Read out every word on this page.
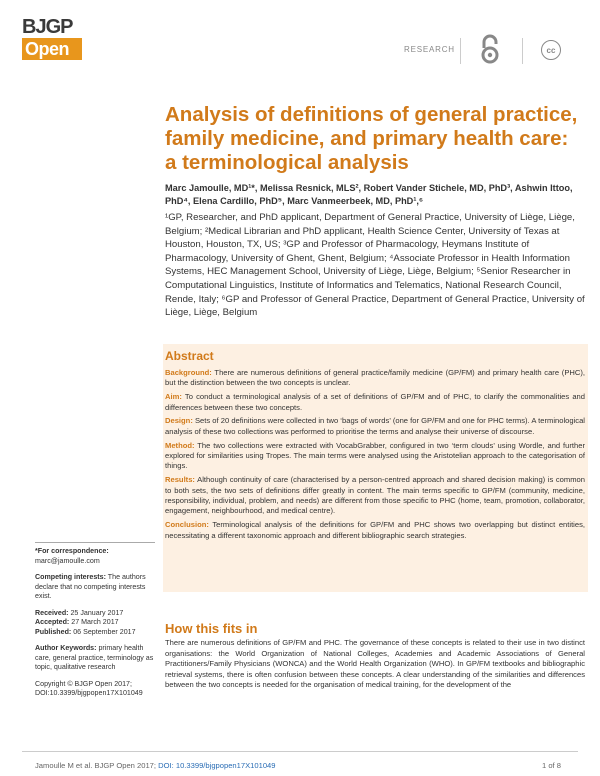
BJGP
Open	RESEARCH	cc
Analysis of definitions of general practice, family medicine, and primary health care: a terminological analysis
Marc Jamoulle, MD¹*, Melissa Resnick, MLS², Robert Vander Stichele, MD, PhD³, Ashwin Ittoo, PhD⁴, Elena Cardillo, PhD⁵, Marc Vanmeerbeek, MD, PhD¹,⁶
¹GP, Researcher, and PhD applicant, Department of General Practice, University of Liège, Liège, Belgium; ²Medical Librarian and PhD applicant, Health Science Center, University of Texas at Houston, Houston, TX, US; ³GP and Professor of Pharmacology, Heymans Institute of Pharmacology, University of Ghent, Ghent, Belgium; ⁴Associate Professor in Health Information Systems, HEC Management School, University of Liège, Liège, Belgium; ⁵Senior Researcher in Computational Linguistics, Institute of Informatics and Telematics, National Research Council, Rende, Italy; ⁶GP and Professor of General Practice, Department of General Practice, University of Liège, Liège, Belgium
Abstract

Background: There are numerous definitions of general practice/family medicine (GP/FM) and primary health care (PHC), but the distinction between the two concepts is unclear.

Aim: To conduct a terminological analysis of a set of definitions of GP/FM and of PHC, to clarify the commonalities and differences between these two concepts.

Design: Sets of 20 definitions were collected in two ‘bags of words’ (one for GP/FM and one for PHC terms). A terminological analysis of these two collections was performed to prioritise the terms and analyse their universe of discourse.

Method: The two collections were extracted with VocabGrabber, configured in two ‘term clouds’ using Wordle, and further explored for similarities using Tropes. The main terms were analysed using the Aristotelian approach to the categorisation of things.

Results: Although continuity of care (characterised by a person-centred approach and shared decision making) is common to both sets, the two sets of definitions differ greatly in content. The main terms specific to GP/FM (community, medicine, responsibility, individual, problem, and needs) are different from those specific to PHC (home, team, promotion, collaborator, engagement, neighbourhood, and medical centre).

Conclusion: Terminological analysis of the definitions for GP/FM and PHC shows two overlapping but distinct entities, necessitating a different taxonomic approach and different bibliographic search strategies.

*For correspondence: marc@jamoulle.com

Competing interests: The authors declare that no competing interests exist.

Received: 25 January 2017
Accepted: 27 March 2017
Published: 06 September 2017

Author Keywords: primary health care, general practice, terminology as topic, qualitative research

Copyright © BJGP Open 2017;
DOI:10.3399/bjgpopen17X101049

How this fits in
There are numerous definitions of GP/FM and PHC. The governance of these concepts is related to their use in two distinct organisations: the World Organization of National Colleges, Academies and Academic Associations of General Practitioners/Family Physicians (WONCA) and the World Health Organization (WHO). In GP/FM textbooks and bibliographic retrieval systems, there is often confusion between these concepts. A clear understanding of the similarities and differences between the two concepts is needed for the organisation of medical training, for the development of the
Jamoulle M et al. BJGP Open 2017; DOI: 10.3399/bjgpopen17X101049	1 of 8
